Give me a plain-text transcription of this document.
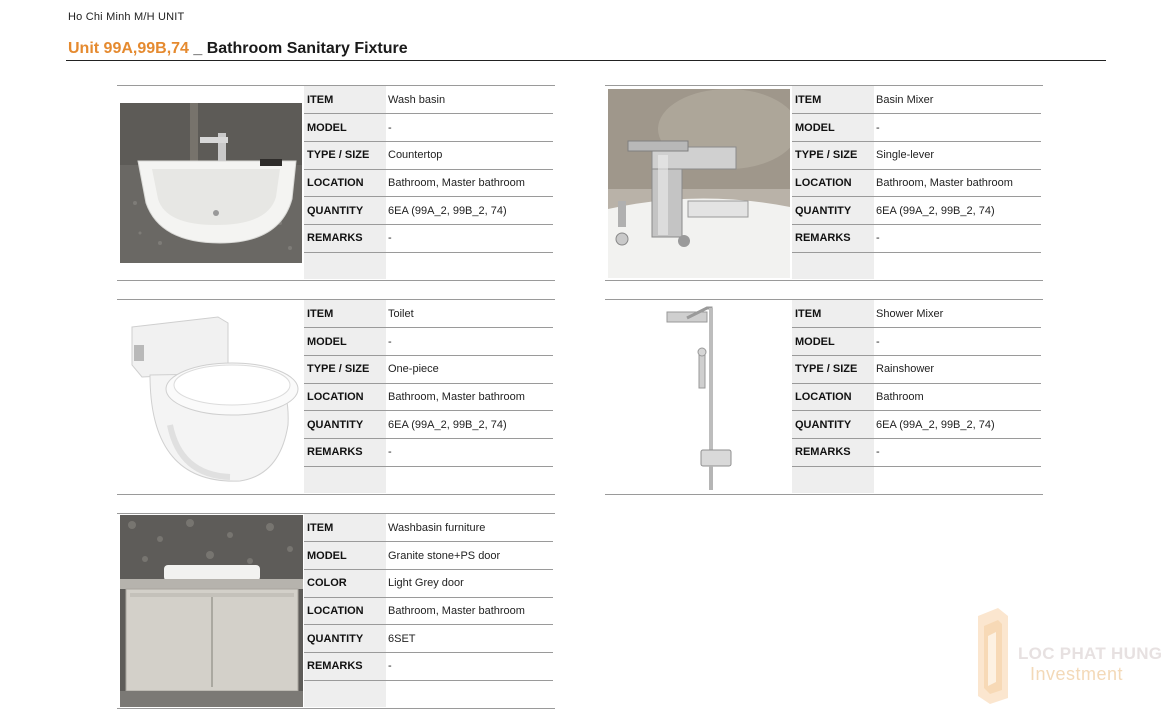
Ho Chi Minh M/H UNIT
Unit 99A,99B,74 _ Bathroom Sanitary Fixture
ITEM	Wash basin
MODEL	-
TYPE / SIZE	Countertop
LOCATION	Bathroom, Master bathroom
QUANTITY	6EA (99A_2, 99B_2, 74)
REMARKS	-

ITEM	Basin Mixer
MODEL	-
TYPE / SIZE	Single-lever
LOCATION	Bathroom, Master bathroom
QUANTITY	6EA (99A_2, 99B_2, 74)
REMARKS	-

ITEM	Toilet
MODEL	-
TYPE / SIZE	One-piece
LOCATION	Bathroom, Master bathroom
QUANTITY	6EA (99A_2, 99B_2, 74)
REMARKS	-

ITEM	Shower Mixer
MODEL	-
TYPE / SIZE	Rainshower
LOCATION	Bathroom
QUANTITY	6EA (99A_2, 99B_2, 74)
REMARKS	-

ITEM	Washbasin furniture
MODEL	Granite stone+PS door
COLOR	Light Grey door
LOCATION	Bathroom, Master bathroom
QUANTITY	6SET
REMARKS	-

LOC PHAT HUNG
Investment
